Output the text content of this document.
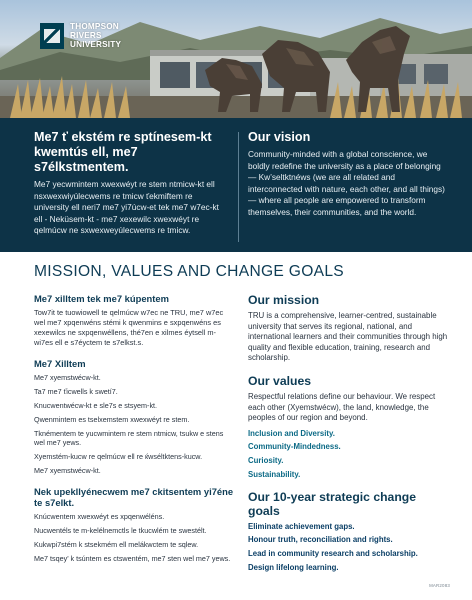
THOMPSON
RIVERS
UNIVERSITY
Me7 ť ekstém re sptínesem-kt kwemtús ell, me7 s7élkstmentem.

Me7 yecwmintem xwexwéyt re stem ntmicw-kt ell nsxwexwiyúlecwems re tmicw ťekmiftem re university ell neri7 me7 yi7úcw-et tek me7 w7ec-kt ell - Neküsem-kt - me7 xexewilc xwexwéyt re qelmúcw ne sxwexweyúlecwems re tmicw.

Our vision

Community-minded with a global conscience, we boldly redefine the university as a place of belonging — Kw’seltktnéws (we are all related and interconnected with nature, each other, and all things) — where all people are empowered to transform themselves, their communities, and the world.

MISSION, VALUES AND CHANGE GOALS
Me7 xilltem tek me7 kúpentem

Tow7it te tuowiowell te qelmúcw w7ec ne TRU, me7 w7ec wel me7 xpqenwéns stémi k qwenmins e sxpqenwéns es xexewilcs ne sxpqenwéllens, thé7en e xilmes éytsell m-wi7es ell e s7éyctem te s7elkst.s.

Me7 Xilltem
Me7 xyemstwécw-kt.
Ta7 me7 ťicwells k swetí7.
Knucwentwécw-kt e sle7s e stsyem-kt.
Qwenmintem es tselxemstem xwexwéyt re stem.
Tknémentem te yucwmintem re stem ntmicw, tsukw e stens wel me7 yews.
Xyemstém-kucw re qelmúcw ell re ќwséltktens-kucw.
Me7 xyemstwécw-kt.
Nek upekllyénecwem me7 ckitsentem yi7éne te s7elkt.
Knúcwentem xwexwéyt es xpqenwéléns.
Nucwentéls te m-kelélnemctls le tkucwlém te swestélt.
Kukwpi7stém k stsekmém ell melákwctem te sqlew.
Me7 tsqey’ k tsúntem es ctswentém, me7 sten wel me7 yews.
Our mission

TRU is a comprehensive, learner-centred, sustainable university that serves its regional, national, and international learners and their communities through high quality and flexible education, training, research and scholarship.

Our values

Respectful relations define our behaviour. We respect each other (Xyemstwécw), the land, knowledge, the peoples of our region and beyond.

Inclusion and Diversity.
Community-Mindedness.
Curiosity.
Sustainability.
Our 10-year strategic change goals
Eliminate achievement gaps.
Honour truth, reconciliation and rights.
Lead in community research and scholarship.
Design lifelong learning.
MAR2083
